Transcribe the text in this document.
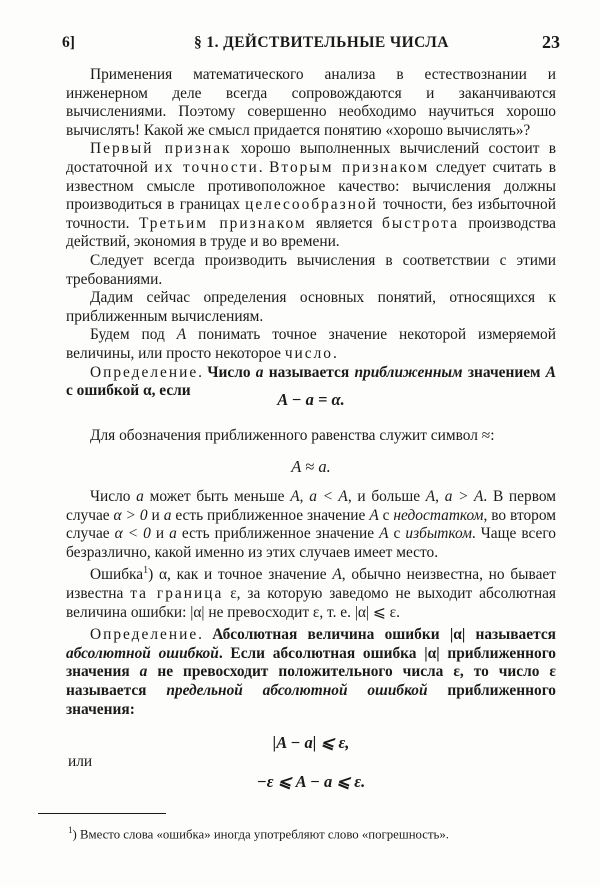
6]	§ 1. ДЕЙСТВИТЕЛЬНЫЕ ЧИСЛА	23

Применения математического анализа в естествознании и инженерном деле всегда сопровождаются и заканчиваются вычислениями. Поэтому совершенно необходимо научиться хорошо вычислять! Какой же смысл придается понятию «хорошо вычислять»?

Первый признак хорошо выполненных вычислений состоит в достаточной их точности. Вторым признаком следует считать в известном смысле противоположное качество: вычисления должны производиться в границах целесообразной точности, без избыточной точности. Третьим признаком является быстрота производства действий, экономия в труде и во времени.

Следует всегда производить вычисления в соответствии с этими требованиями.

Дадим сейчас определения основных понятий, относящихся к приближенным вычислениям.

Будем под A понимать точное значение некоторой измеряемой величины, или просто некоторое число.

Определение. Число a называется приближенным значением A с ошибкой α, если	A − a = α.

Для обозначения приближенного равенства служит символ ≈:

A ≈ a.

Число a может быть меньше A, a < A, и больше A, a > A. В первом случае α > 0 и a есть приближенное значение A с недостатком, во втором случае α < 0 и a есть приближенное значение A с избытком. Чаще всего безразлично, какой именно из этих случаев имеет место.

Ошибка$^1$) α, как и точное значение A, обычно неизвестна, но бывает известна та граница ε, за которую заведомо не выходит абсолютная величина ошибки: |α| не превосходит ε, т. е. |α| ⩽ ε.

Определение. Абсолютная величина ошибки |α| называется абсолютной ошибкой. Если абсолютная ошибка |α| приближенного значения a не превосходит положительного числа ε, то число ε называется предельной абсолютной ошибкой приближенного значения:

|A − a| ⩽ ε,
или
−ε ⩽ A − a ⩽ ε.
$^1$) Вместо слова «ошибка» иногда употребляют слово «погрешность».
